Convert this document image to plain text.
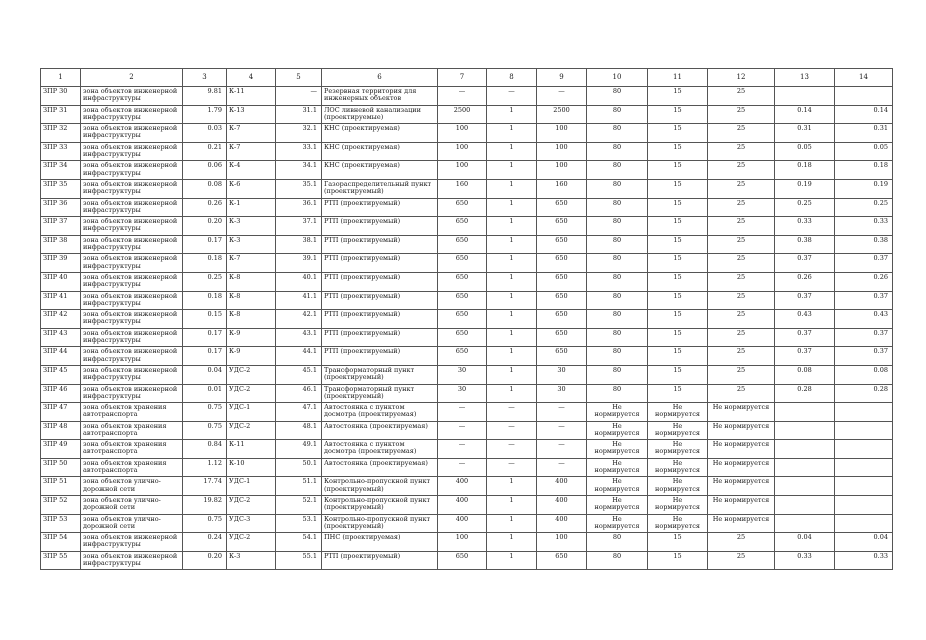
1	2	3	4	5	6	7	8	9	10	11	12	13	14
ЗПР 30	зона объектов инженерной инфраструктуры	9.81	К-11	—	Резервная территория для инженерных объектов	—	—	—	80	15	25		
ЗПР 31	зона объектов инженерной инфраструктуры	1.79	К-13	31.1	ЛОС ливневой канализации (проектируемые)	2500	1	2500	80	15	25	0.14	0.14
ЗПР 32	зона объектов инженерной инфраструктуры	0.03	К-7	32.1	КНС (проектируемая)	100	1	100	80	15	25	0.31	0.31
ЗПР 33	зона объектов инженерной инфраструктуры	0.21	К-7	33.1	КНС (проектируемая)	100	1	100	80	15	25	0.05	0.05
ЗПР 34	зона объектов инженерной инфраструктуры	0.06	К-4	34.1	КНС (проектируемая)	100	1	100	80	15	25	0.18	0.18
ЗПР 35	зона объектов инженерной инфраструктуры	0.08	К-6	35.1	Газораспределительный пункт (проектируемый)	160	1	160	80	15	25	0.19	0.19
ЗПР 36	зона объектов инженерной инфраструктуры	0.26	К-1	36.1	РТП (проектируемый)	650	1	650	80	15	25	0.25	0.25
ЗПР 37	зона объектов инженерной инфраструктуры	0.20	К-3	37.1	РТП (проектируемый)	650	1	650	80	15	25	0.33	0.33
ЗПР 38	зона объектов инженерной инфраструктуры	0.17	К-3	38.1	РТП (проектируемый)	650	1	650	80	15	25	0.38	0.38
ЗПР 39	зона объектов инженерной инфраструктуры	0.18	К-7	39.1	РТП (проектируемый)	650	1	650	80	15	25	0.37	0.37
ЗПР 40	зона объектов инженерной инфраструктуры	0.25	К-8	40.1	РТП (проектируемый)	650	1	650	80	15	25	0.26	0.26
ЗПР 41	зона объектов инженерной инфраструктуры	0.18	К-8	41.1	РТП (проектируемый)	650	1	650	80	15	25	0.37	0.37
ЗПР 42	зона объектов инженерной инфраструктуры	0.15	К-8	42.1	РТП (проектируемый)	650	1	650	80	15	25	0.43	0.43
ЗПР 43	зона объектов инженерной инфраструктуры	0.17	К-9	43.1	РТП (проектируемый)	650	1	650	80	15	25	0.37	0.37
ЗПР 44	зона объектов инженерной инфраструктуры	0.17	К-9	44.1	РТП (проектируемый)	650	1	650	80	15	25	0.37	0.37
ЗПР 45	зона объектов инженерной инфраструктуры	0.04	УДС-2	45.1	Трансформаторный пункт (проектируемый)	30	1	30	80	15	25	0.08	0.08
ЗПР 46	зона объектов инженерной инфраструктуры	0.01	УДС-2	46.1	Трансформаторный пункт (проектируемый)	30	1	30	80	15	25	0.28	0.28
ЗПР 47	зона объектов хранения автотранспорта	0.75	УДС-1	47.1	Автостоянка с пунктом досмотра (проектируемая)	—	—	—	Не нормируется	Не нормируется	Не нормируется		
ЗПР 48	зона объектов хранения автотранспорта	0.75	УДС-2	48.1	Автостоянка (проектируемая)	—	—	—	Не нормируется	Не нормируется	Не нормируется		
ЗПР 49	зона объектов хранения автотранспорта	0.84	К-11	49.1	Автостоянка с пунктом досмотра (проектируемая)	—	—	—	Не нормируется	Не нормируется	Не нормируется		
ЗПР 50	зона объектов хранения автотранспорта	1.12	К-10	50.1	Автостоянка (проектируемая)	—	—	—	Не нормируется	Не нормируется	Не нормируется		
ЗПР 51	зона объектов улично-дорожной сети	17.74	УДС-1	51.1	Контрольно-пропускной пункт (проектируемый)	400	1	400	Не нормируется	Не нормируется	Не нормируется		
ЗПР 52	зона объектов улично-дорожной сети	19.82	УДС-2	52.1	Контрольно-пропускной пункт (проектируемый)	400	1	400	Не нормируется	Не нормируется	Не нормируется		
ЗПР 53	зона объектов улично-дорожной сети	0.75	УДС-3	53.1	Контрольно-пропускной пункт (проектируемый)	400	1	400	Не нормируется	Не нормируется	Не нормируется		
ЗПР 54	зона объектов инженерной инфраструктуры	0.24	УДС-2	54.1	ПНС (проектируемая)	100	1	100	80	15	25	0.04	0.04
ЗПР 55	зона объектов инженерной инфраструктуры	0.20	К-3	55.1	РТП (проектируемый)	650	1	650	80	15	25	0.33	0.33
